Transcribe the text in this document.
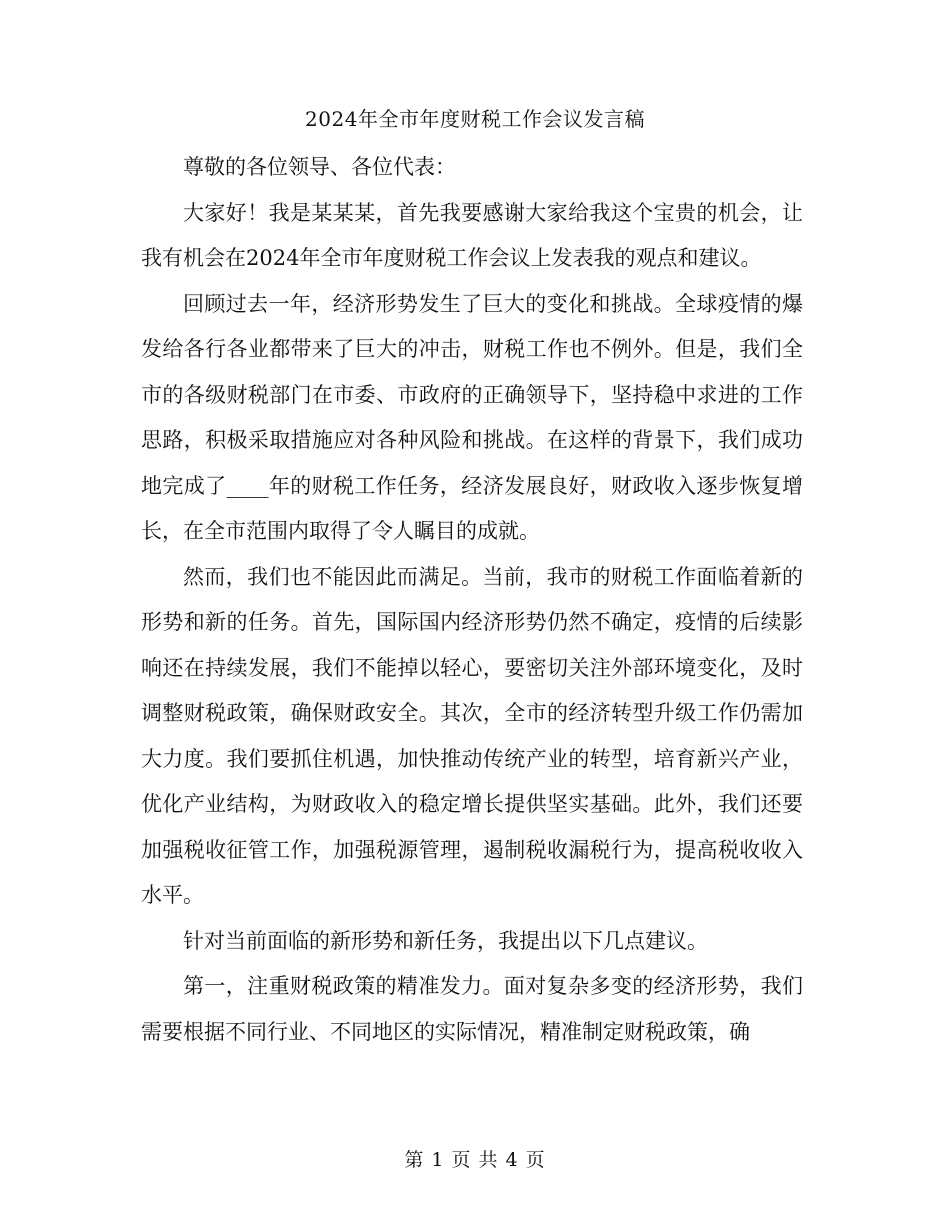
2024年全市年度财税工作会议发言稿

尊敬的各位领导、各位代表：

大家好！我是某某某，首先我要感谢大家给我这个宝贵的机会，让我有机会在2024年全市年度财税工作会议上发表我的观点和建议。

回顾过去一年，经济形势发生了巨大的变化和挑战。全球疫情的爆发给各行各业都带来了巨大的冲击，财税工作也不例外。但是，我们全市的各级财税部门在市委、市政府的正确领导下，坚持稳中求进的工作思路，积极采取措施应对各种风险和挑战。在这样的背景下，我们成功地完成了____年的财税工作任务，经济发展良好，财政收入逐步恢复增长，在全市范围内取得了令人瞩目的成就。

然而，我们也不能因此而满足。当前，我市的财税工作面临着新的形势和新的任务。首先，国际国内经济形势仍然不确定，疫情的后续影响还在持续发展，我们不能掉以轻心，要密切关注外部环境变化，及时调整财税政策，确保财政安全。其次，全市的经济转型升级工作仍需加大力度。我们要抓住机遇，加快推动传统产业的转型，培育新兴产业，优化产业结构，为财政收入的稳定增长提供坚实基础。此外，我们还要加强税收征管工作，加强税源管理，遏制税收漏税行为，提高税收收入水平。

针对当前面临的新形势和新任务，我提出以下几点建议。

第一，注重财税政策的精准发力。面对复杂多变的经济形势，我们需要根据不同行业、不同地区的实际情况，精准制定财税政策，确

第 1 页 共 4 页
